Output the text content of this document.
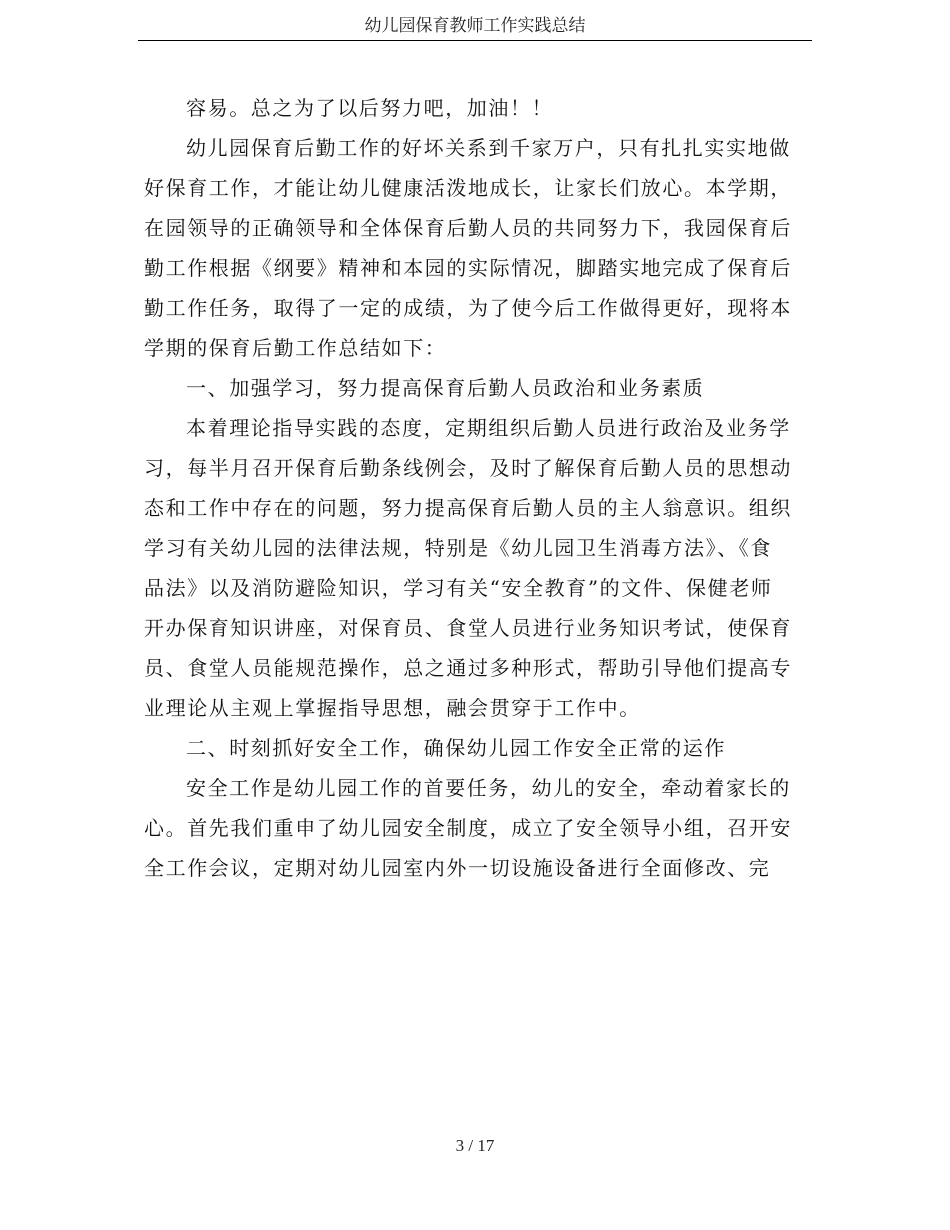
幼儿园保育教师工作实践总结

容易。总之为了以后努力吧，加油！！

幼儿园保育后勤工作的好坏关系到千家万户，只有扎扎实实地做
好保育工作，才能让幼儿健康活泼地成长，让家长们放心。本学期，
在园领导的正确领导和全体保育后勤人员的共同努力下，我园保育后
勤工作根据《纲要》精神和本园的实际情况，脚踏实地完成了保育后
勤工作任务，取得了一定的成绩，为了使今后工作做得更好，现将本
学期的保育后勤工作总结如下：

一、加强学习，努力提高保育后勤人员政治和业务素质

本着理论指导实践的态度，定期组织后勤人员进行政治及业务学
习，每半月召开保育后勤条线例会，及时了解保育后勤人员的思想动
态和工作中存在的问题，努力提高保育后勤人员的主人翁意识。组织
学习有关幼儿园的法律法规，特别是《幼儿园卫生消毒方法》、《食
品法》以及消防避险知识，学习有关“安全教育”的文件、保健老师
开办保育知识讲座，对保育员、食堂人员进行业务知识考试，使保育
员、食堂人员能规范操作，总之通过多种形式，帮助引导他们提高专
业理论从主观上掌握指导思想，融会贯穿于工作中。

二、时刻抓好安全工作，确保幼儿园工作安全正常的运作

安全工作是幼儿园工作的首要任务，幼儿的安全，牵动着家长的
心。首先我们重申了幼儿园安全制度，成立了安全领导小组，召开安
全工作会议，定期对幼儿园室内外一切设施设备进行全面修改、完

3 / 17
